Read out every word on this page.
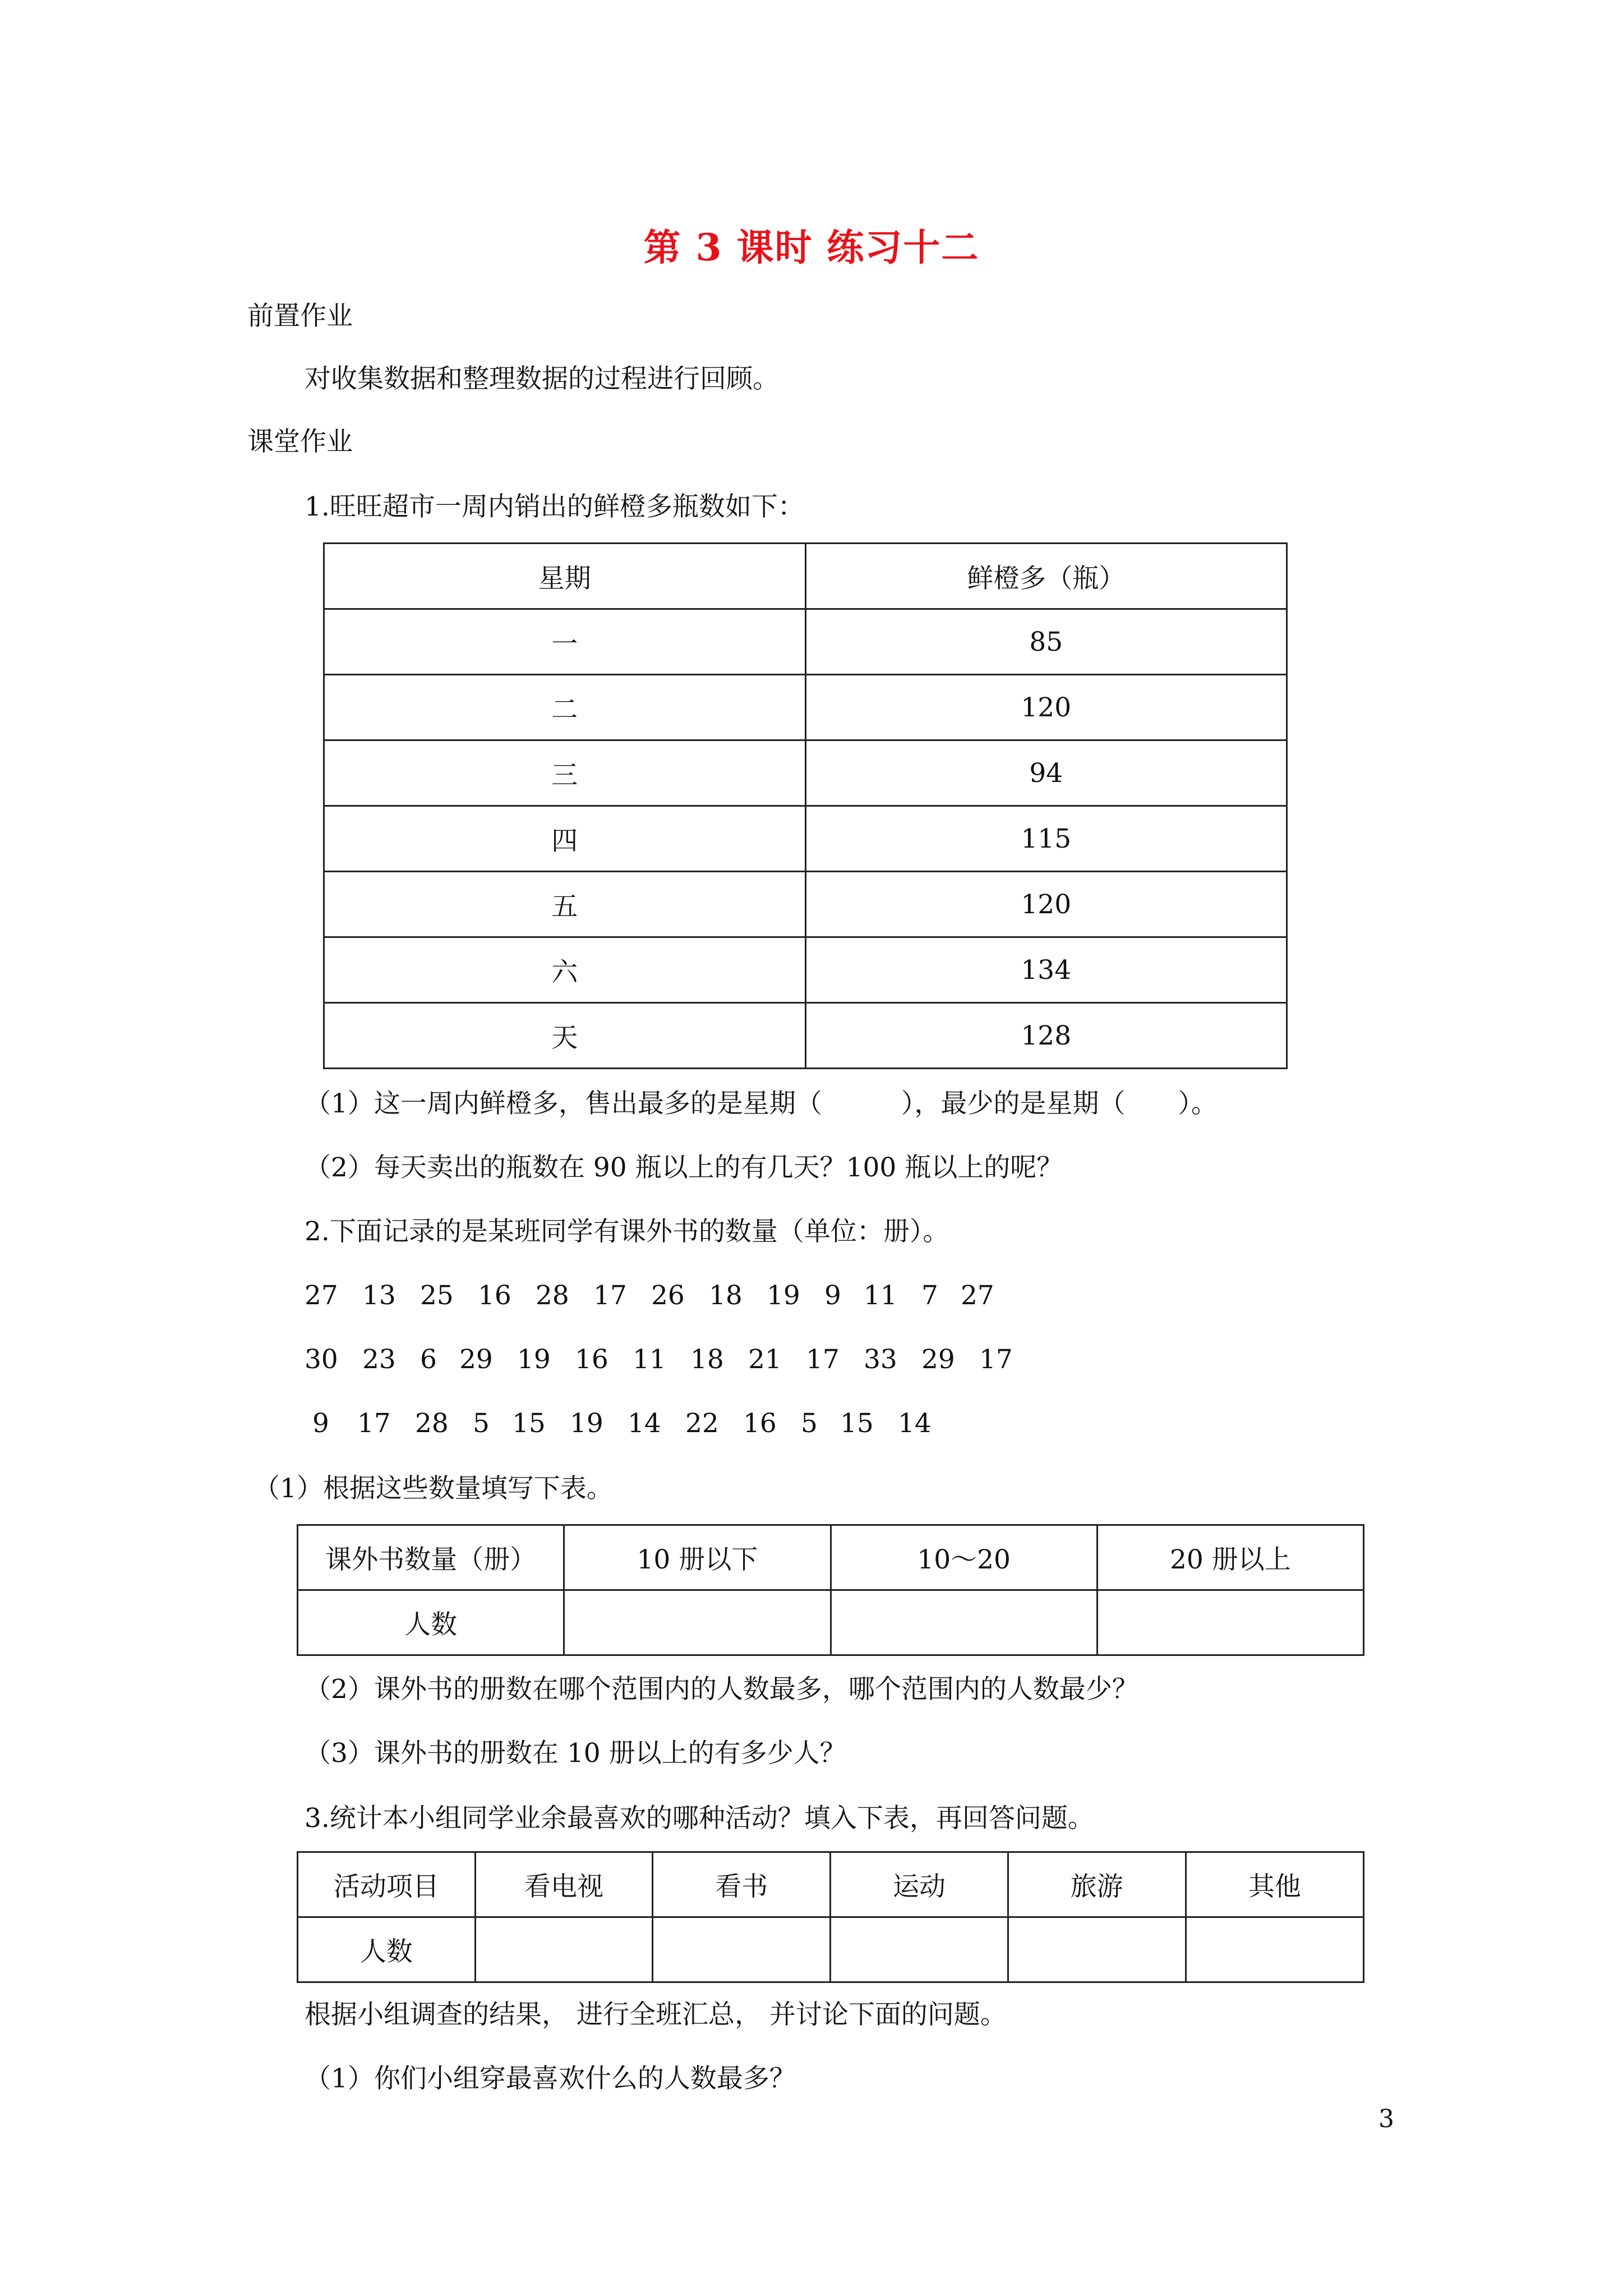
第 3 课时 练习十二
前置作业
对收集数据和整理数据的过程进行回顾。
课堂作业
1.旺旺超市一周内销出的鲜橙多瓶数如下：
星期	鲜橙多（瓶）
一	85
二	120
三	94
四	115
五	120
六	134
天	128
（1）这一周内鲜橙多，售出最多的是星期（　　　），最少的是星期（　　）。
（2）每天卖出的瓶数在 90 瓶以上的有几天？100 瓶以上的呢？
2.下面记录的是某班同学有课外书的数量（单位：册）。
27 13 25 16 28 17 26 18 19 9 11 7 27
30 23 6 29 19 16 11 18 21 17 33 29 17
9 17 28 5 15 19 14 22 16 5 15 14
（1）根据这些数量填写下表。
课外书数量（册）	10 册以下	10～20	20 册以上
人数			
（2）课外书的册数在哪个范围内的人数最多，哪个范围内的人数最少？
（3）课外书的册数在 10 册以上的有多少人？
3.统计本小组同学业余最喜欢的哪种活动？填入下表，再回答问题。
活动项目	看电视	看书	运动	旅游	其他
人数					
根据小组调查的结果， 进行全班汇总， 并讨论下面的问题。
（1）你们小组穿最喜欢什么的人数最多？
3
